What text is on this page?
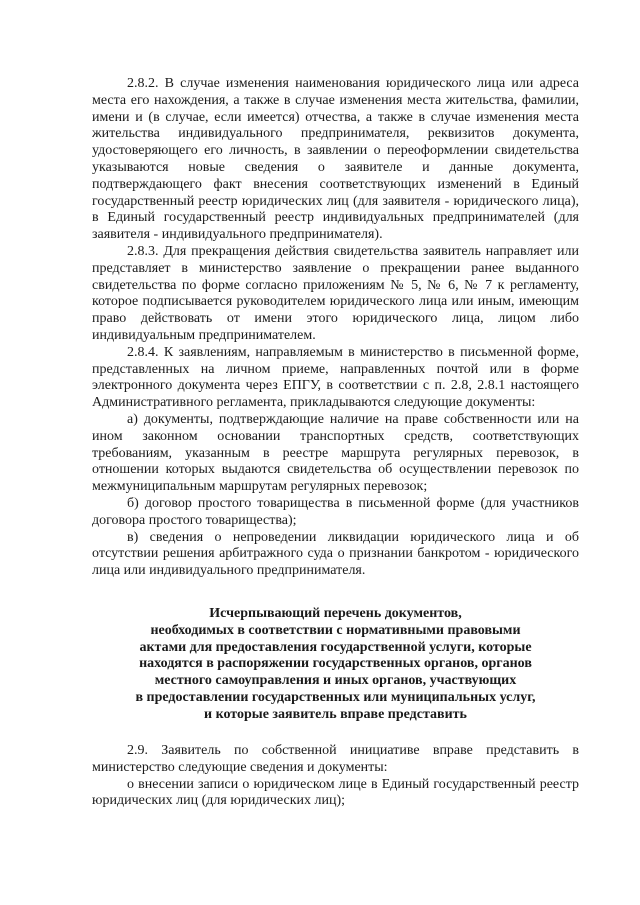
2.8.2. В случае изменения наименования юридического лица или адреса места его нахождения, а также в случае изменения места жительства, фамилии, имени и (в случае, если имеется) отчества, а также в случае изменения места жительства индивидуального предпринимателя, реквизитов документа, удостоверяющего его личность, в заявлении о переоформлении свидетельства указываются новые сведения о заявителе и данные документа, подтверждающего факт внесения соответствующих изменений в Единый государственный реестр юридических лиц (для заявителя - юридического лица), в Единый государственный реестр индивидуальных предпринимателей (для заявителя - индивидуального предпринимателя).

2.8.3. Для прекращения действия свидетельства заявитель направляет или представляет в министерство заявление о прекращении ранее выданного свидетельства по форме согласно приложениям № 5, № 6, № 7 к регламенту, которое подписывается руководителем юридического лица или иным, имеющим право действовать от имени этого юридического лица, лицом либо индивидуальным предпринимателем.

2.8.4. К заявлениям, направляемым в министерство в письменной форме, представленных на личном приеме, направленных почтой или в форме электронного документа через ЕПГУ, в соответствии с п. 2.8, 2.8.1 настоящего Административного регламента, прикладываются следующие документы:

а) документы, подтверждающие наличие на праве собственности или на ином законном основании транспортных средств, соответствующих требованиям, указанным в реестре маршрута регулярных перевозок, в отношении которых выдаются свидетельства об осуществлении перевозок по межмуниципальным маршрутам регулярных перевозок;

б) договор простого товарищества в письменной форме (для участников договора простого товарищества);

в) сведения о непроведении ликвидации юридического лица и об отсутствии решения арбитражного суда о признании банкротом - юридического лица или индивидуального предпринимателя.

Исчерпывающий перечень документов,
необходимых в соответствии с нормативными правовыми
актами для предоставления государственной услуги, которые
находятся в распоряжении государственных органов, органов
местного самоуправления и иных органов, участвующих
в предоставлении государственных или муниципальных услуг,
и которые заявитель вправе представить

2.9. Заявитель по собственной инициативе вправе представить в министерство следующие сведения и документы:

о внесении записи о юридическом лице в Единый государственный реестр юридических лиц (для юридических лиц);
